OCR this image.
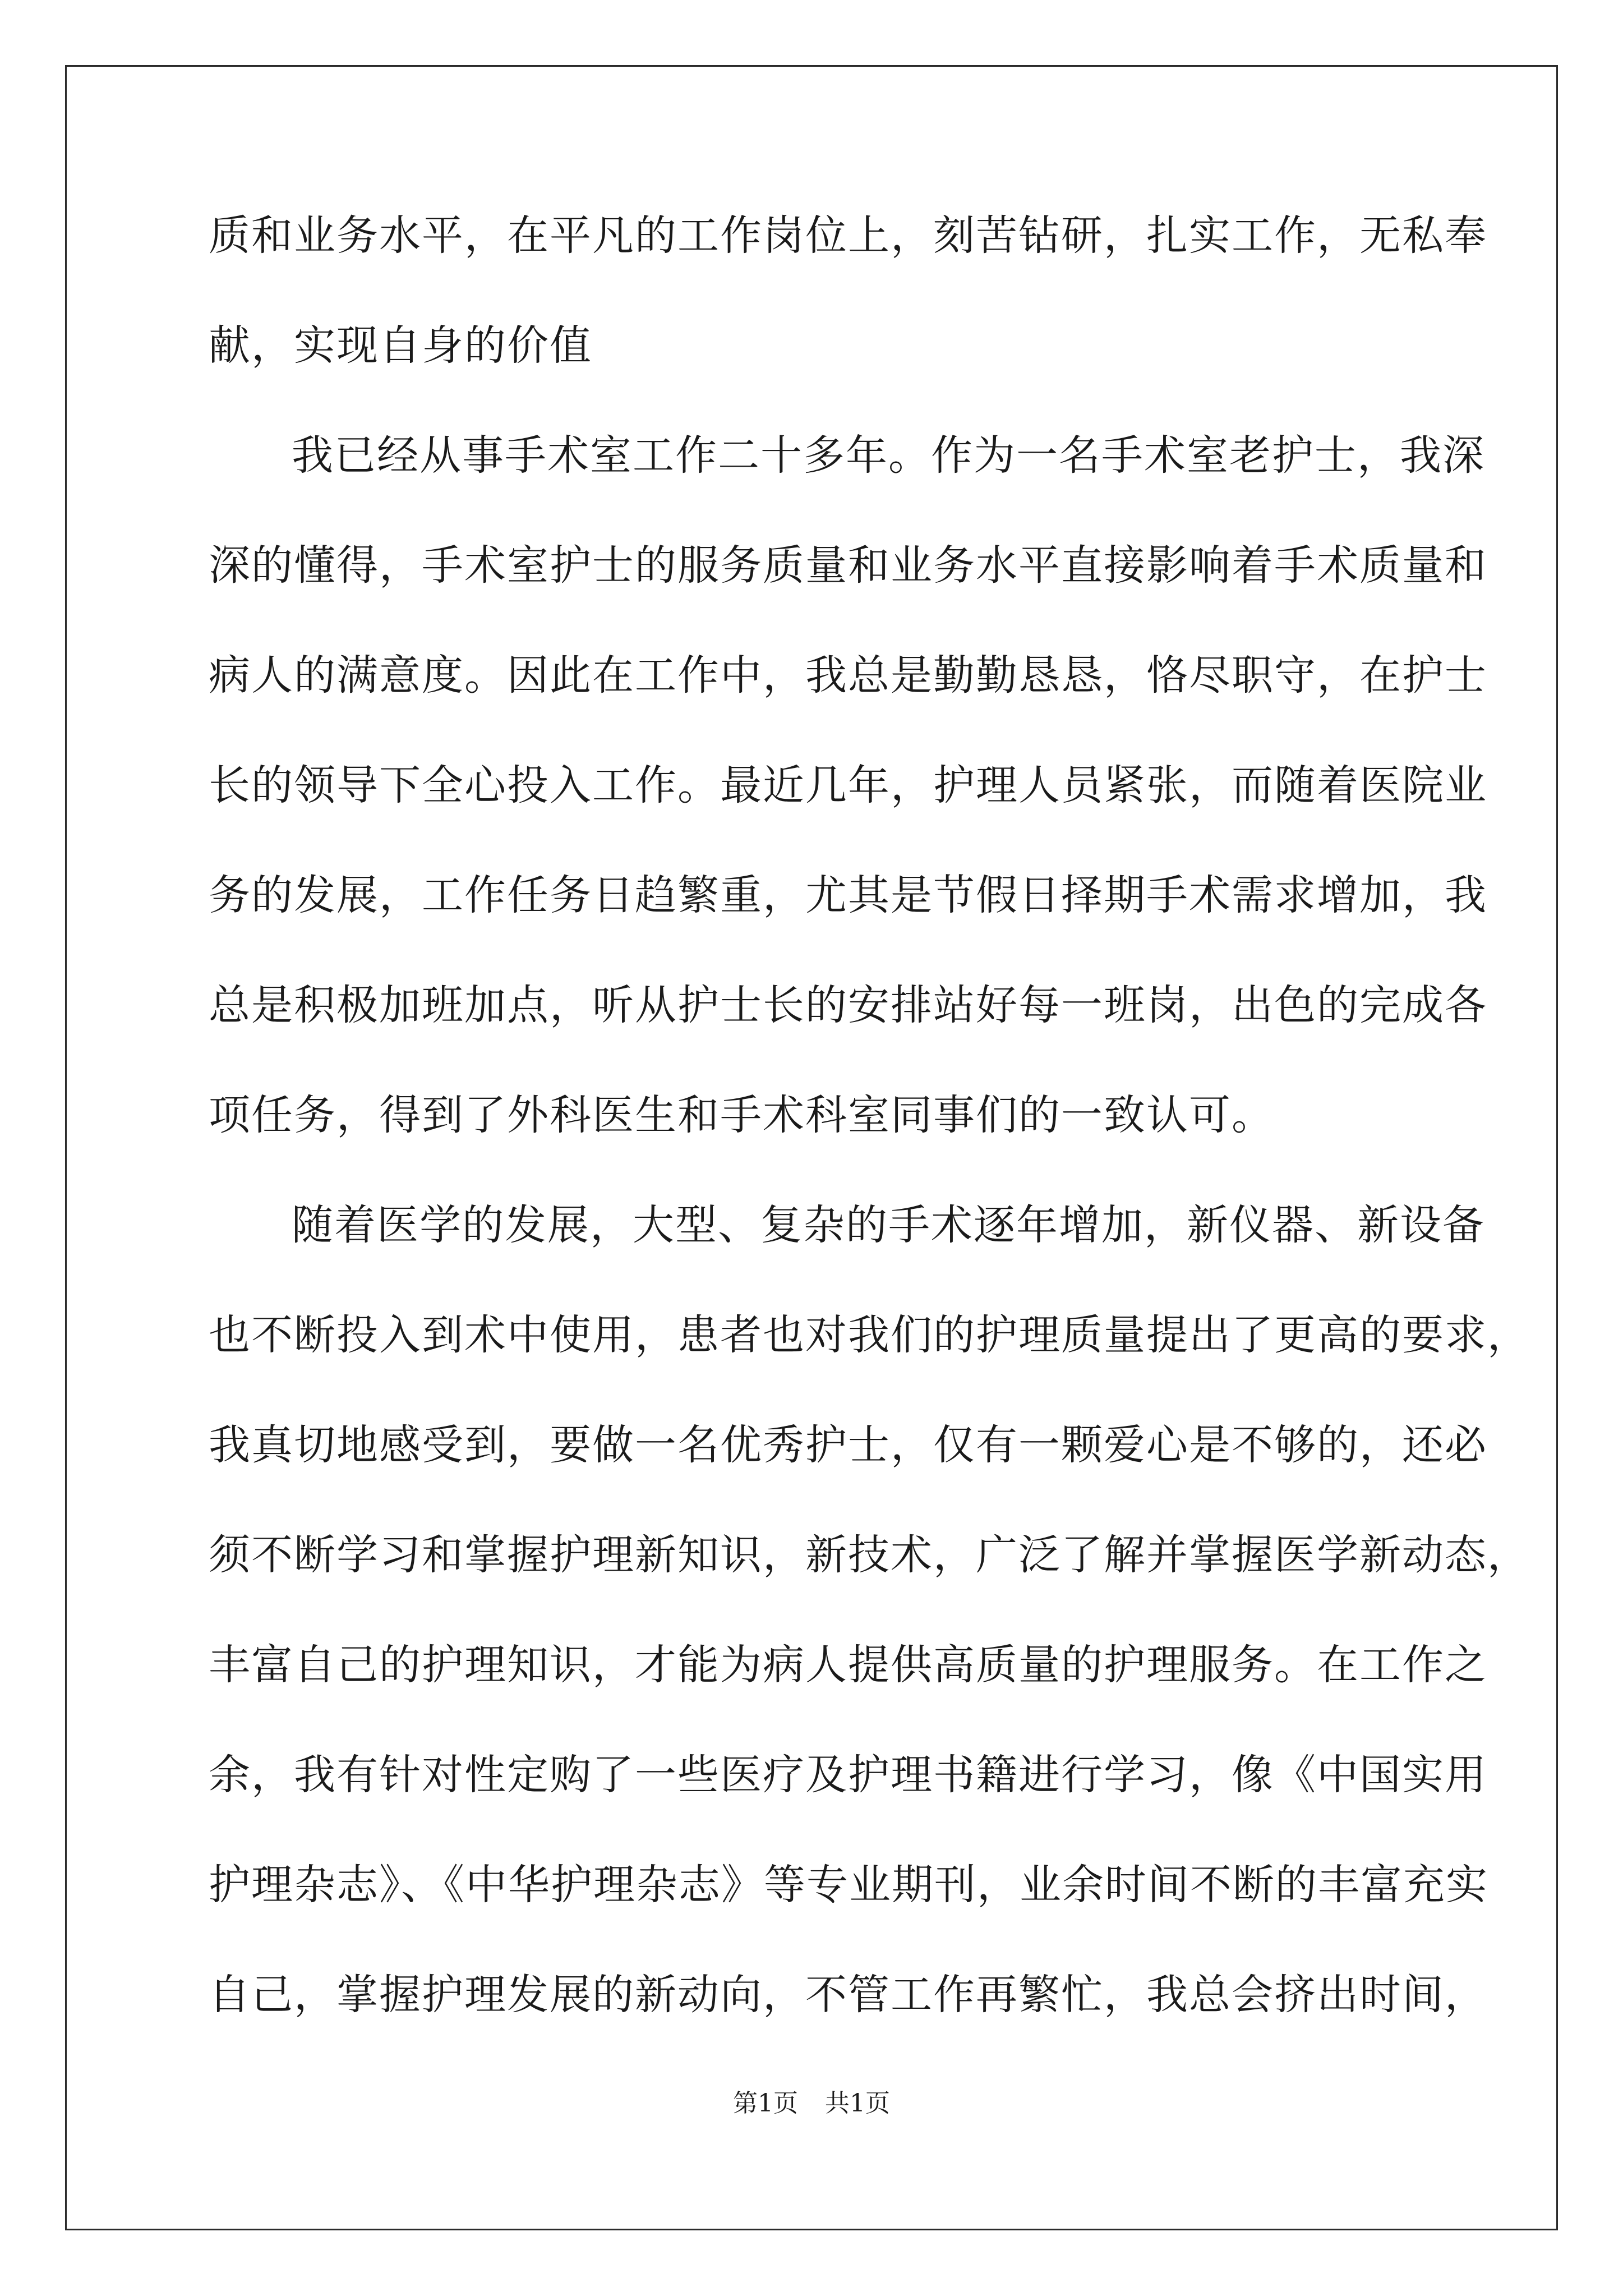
质和业务水平，在平凡的工作岗位上，刻苦钻研，扎实工作，无私奉
献，实现自身的价值
我已经从事手术室工作二十多年。作为一名手术室老护士，我深
深的懂得，手术室护士的服务质量和业务水平直接影响着手术质量和
病人的满意度。因此在工作中，我总是勤勤恳恳，恪尽职守，在护士
长的领导下全心投入工作。最近几年，护理人员紧张，而随着医院业
务的发展，工作任务日趋繁重，尤其是节假日择期手术需求增加，我
总是积极加班加点，听从护士长的安排站好每一班岗，出色的完成各
项任务，得到了外科医生和手术科室同事们的一致认可。
随着医学的发展，大型、复杂的手术逐年增加，新仪器、新设备
也不断投入到术中使用，患者也对我们的护理质量提出了更高的要求，
我真切地感受到，要做一名优秀护士，仅有一颗爱心是不够的，还必
须不断学习和掌握护理新知识，新技术，广泛了解并掌握医学新动态，
丰富自己的护理知识，才能为病人提供高质量的护理服务。在工作之
余，我有针对性定购了一些医疗及护理书籍进行学习，像《中国实用
护理杂志》、《中华护理杂志》等专业期刊，业余时间不断的丰富充实
自己，掌握护理发展的新动向，不管工作再繁忙，我总会挤出时间，
第1页 共1页
